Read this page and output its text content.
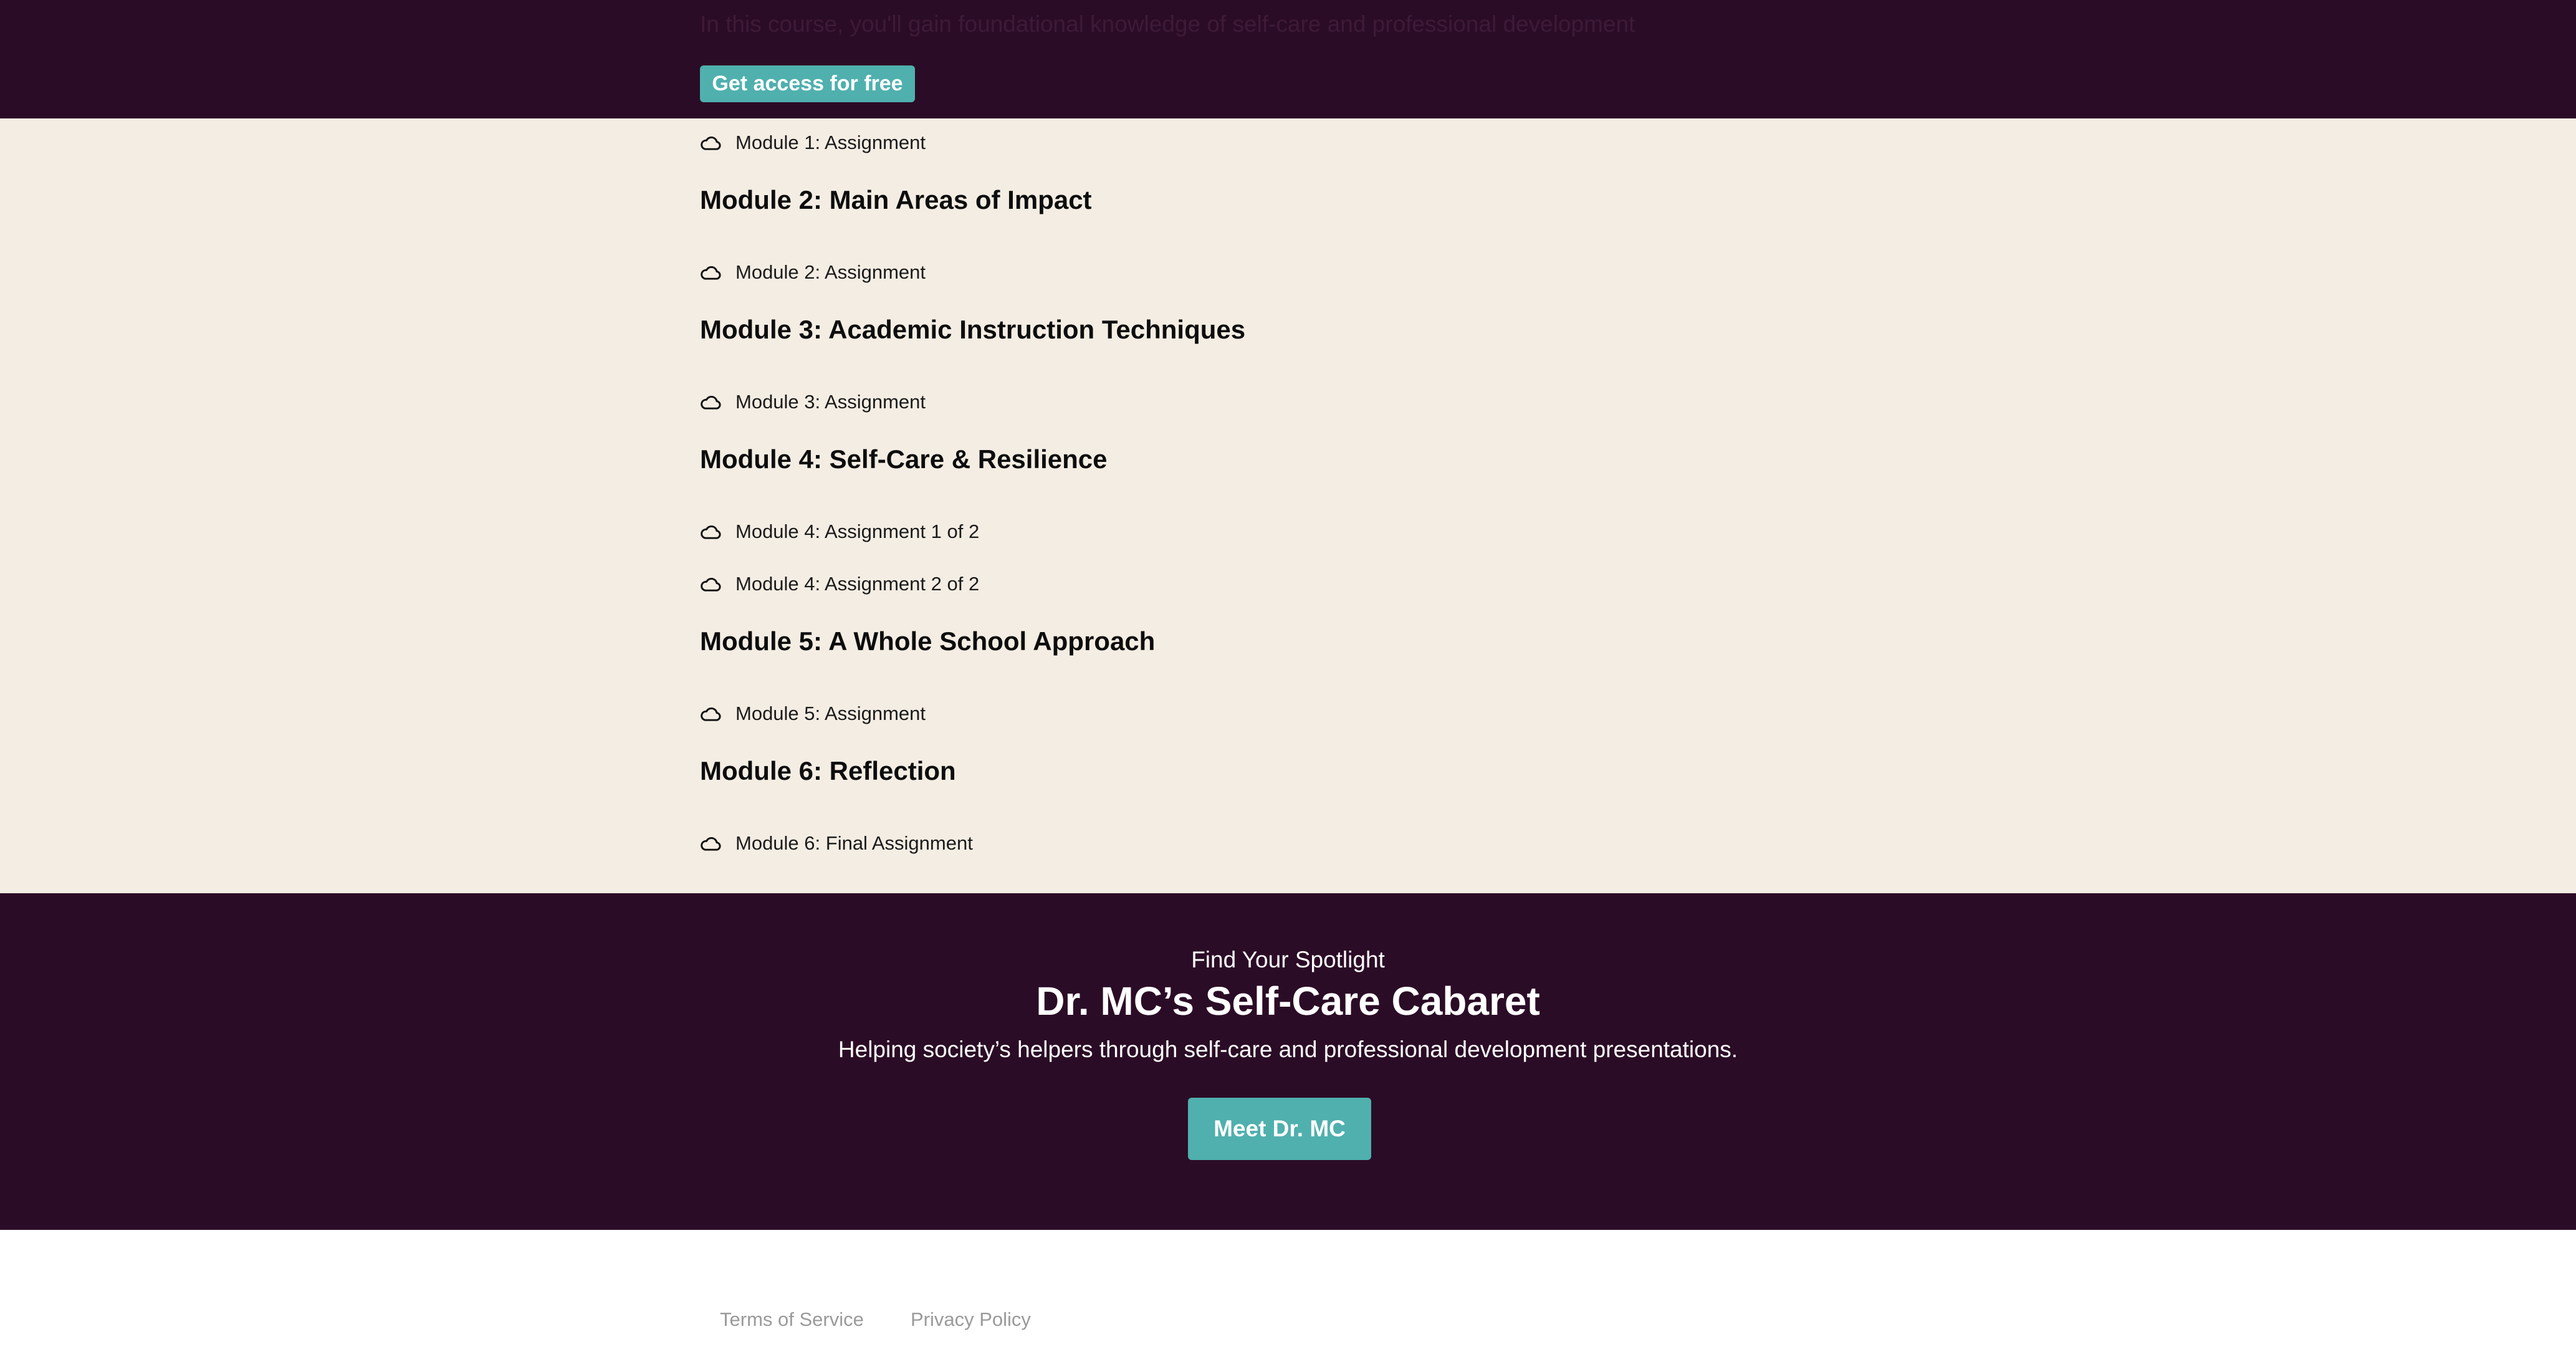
In this course, you'll gain foundational knowledge of self-care and professional development
Get access for free
Module 1: Assignment
Module 2: Main Areas of Impact
Module 2: Assignment
Module 3: Academic Instruction Techniques
Module 3: Assignment
Module 4: Self-Care & Resilience
Module 4: Assignment 1 of 2
Module 4: Assignment 2 of 2
Module 5: A Whole School Approach
Module 5: Assignment
Module 6: Reflection
Module 6: Final Assignment
Find Your Spotlight
Dr. MC’s Self-Care Cabaret
Helping society’s helpers through self-care and professional development presentations.
Meet Dr. MC
Terms of Service Privacy Policy
